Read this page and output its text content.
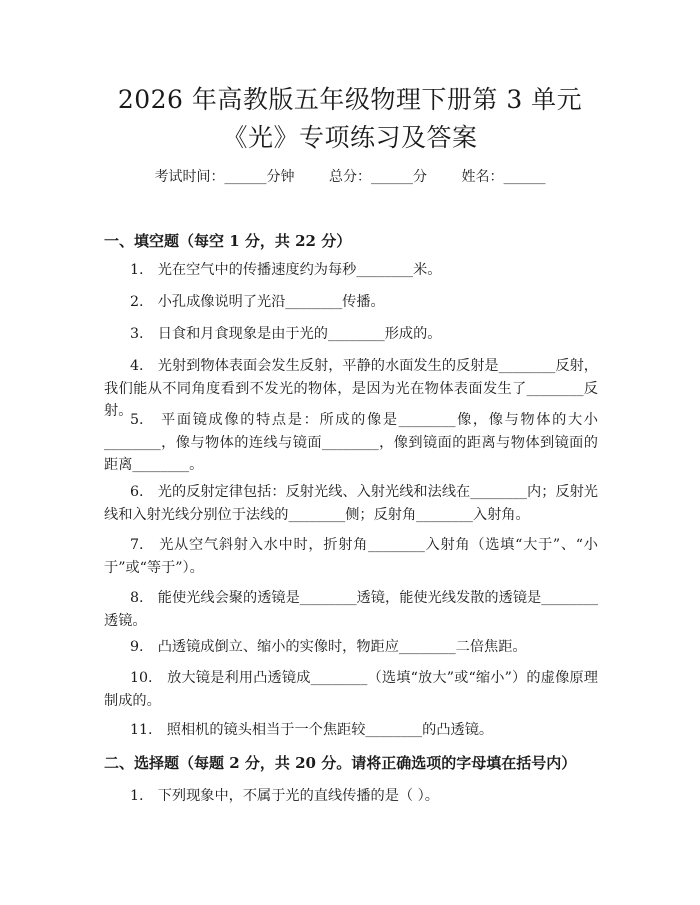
2026 年高教版五年级物理下册第 3 单元
《光》专项练习及答案
考试时间：______分钟 总分：______分 姓名：______
一、填空题（每空 1 分，共 22 分）
1.　光在空气中的传播速度约为每秒________米。
2.　小孔成像说明了光沿________传播。
3.　日食和月食现象是由于光的________形成的。
4.　光射到物体表面会发生反射，平静的水面发生的反射是________反射，我们能从不同角度看到不发光的物体，是因为光在物体表面发生了________反射。
5.　平面镜成像的特点是：所成的像是________像，像与物体的大小________，像与物体的连线与镜面________，像到镜面的距离与物体到镜面的距离________。
6.　光的反射定律包括：反射光线、入射光线和法线在________内；反射光线和入射光线分别位于法线的________侧；反射角________入射角。
7.　光从空气斜射入水中时，折射角________入射角（选填“大于”、“小于”或“等于”）。
8.　能使光线会聚的透镜是________透镜，能使光线发散的透镜是________透镜。
9.　凸透镜成倒立、缩小的实像时，物距应________二倍焦距。
10.　放大镜是利用凸透镜成________（选填“放大”或“缩小”）的虚像原理制成的。
11.　照相机的镜头相当于一个焦距较________的凸透镜。
二、选择题（每题 2 分，共 20 分。请将正确选项的字母填在括号内）
1.　下列现象中，不属于光的直线传播的是（ ）。
